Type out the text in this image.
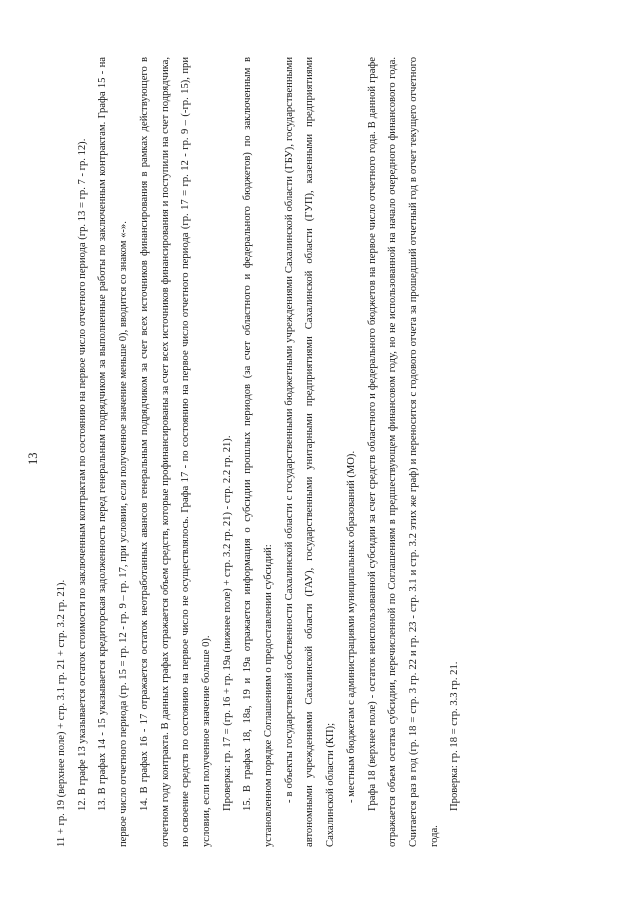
13

11 + гр. 19 (верхнее поле) + стр. 3.1 гр. 21 + стр. 3.2 гр. 21). 12. В графе 13 указывается остаток стоимости по заключенным контрактам по состоянию на первое число отчетного периода (гр. 13 = гр. 7 - гр. 12). 13. В графах 14 - 15 указывается кредиторская задолженность перед генеральным подрядчиком за выполненные работы по заключенным контрактам. Графа 15 - на первое число отчетного периода (гр. 15 = гр. 12 - гр. 9 – гр. 17, при условии, если полученное значение меньше 0), вводится со знаком «-». 14. В графах 16 - 17 отражается остаток неотработанных авансов генеральным подрядчиком за счет всех источников финансирования в рамках действующего в отчетном году контракта. В данных графах отражается объем средств, которые профинансированы за счет всех источников финансирования и поступили на счет подрядчика, но освоение средств по состоянию на первое число не осуществлялось. Графа 17 - по состоянию на первое число отчетного периода (гр. 17 = гр. 12 - гр. 9 – (-гр. 15), при условии, если полученное значение больше 0). Проверка: гр. 17 = (гр. 16 + гр. 19а (нижнее поле) + стр. 3.2 гр. 21) - стр. 2.2 гр. 21). 15. В графах 18, 18а, 19 и 19а отражается информация о субсидии прошлых периодов (за счет областного и федерального бюджетов) по заключенным в установленном порядке Соглашениям о предоставлении субсидий: - в объекты государственной собственности Сахалинской области с государственными бюджетными учреждениями Сахалинской области (ГБУ), государственными автономными учреждениями Сахалинской области (ГАУ), государственными унитарными предприятиями Сахалинской области (ГУП), казенными предприятиями Сахалинской области (КП); - местным бюджетам с администрациями муниципальных образований (МО). Графа 18 (верхнее поле) - остаток неиспользованной субсидии за счет средств областного и федерального бюджетов на первое число отчетного года. В данной графе отражается объем остатка субсидии, перечисленной по Соглашениям в предшествующем финансовом году, но не использованной на начало очередного финансового года. Считается раз в год (гр. 18 = стр. 3 гр. 22 и гр. 23 - стр. 3.1 и стр. 3.2 этих же граф) и переносится с годового отчета за прошедший отчетный год в отчет текущего отчетного года.

Проверка: гр. 18 = стр. 3.3 гр. 21.
